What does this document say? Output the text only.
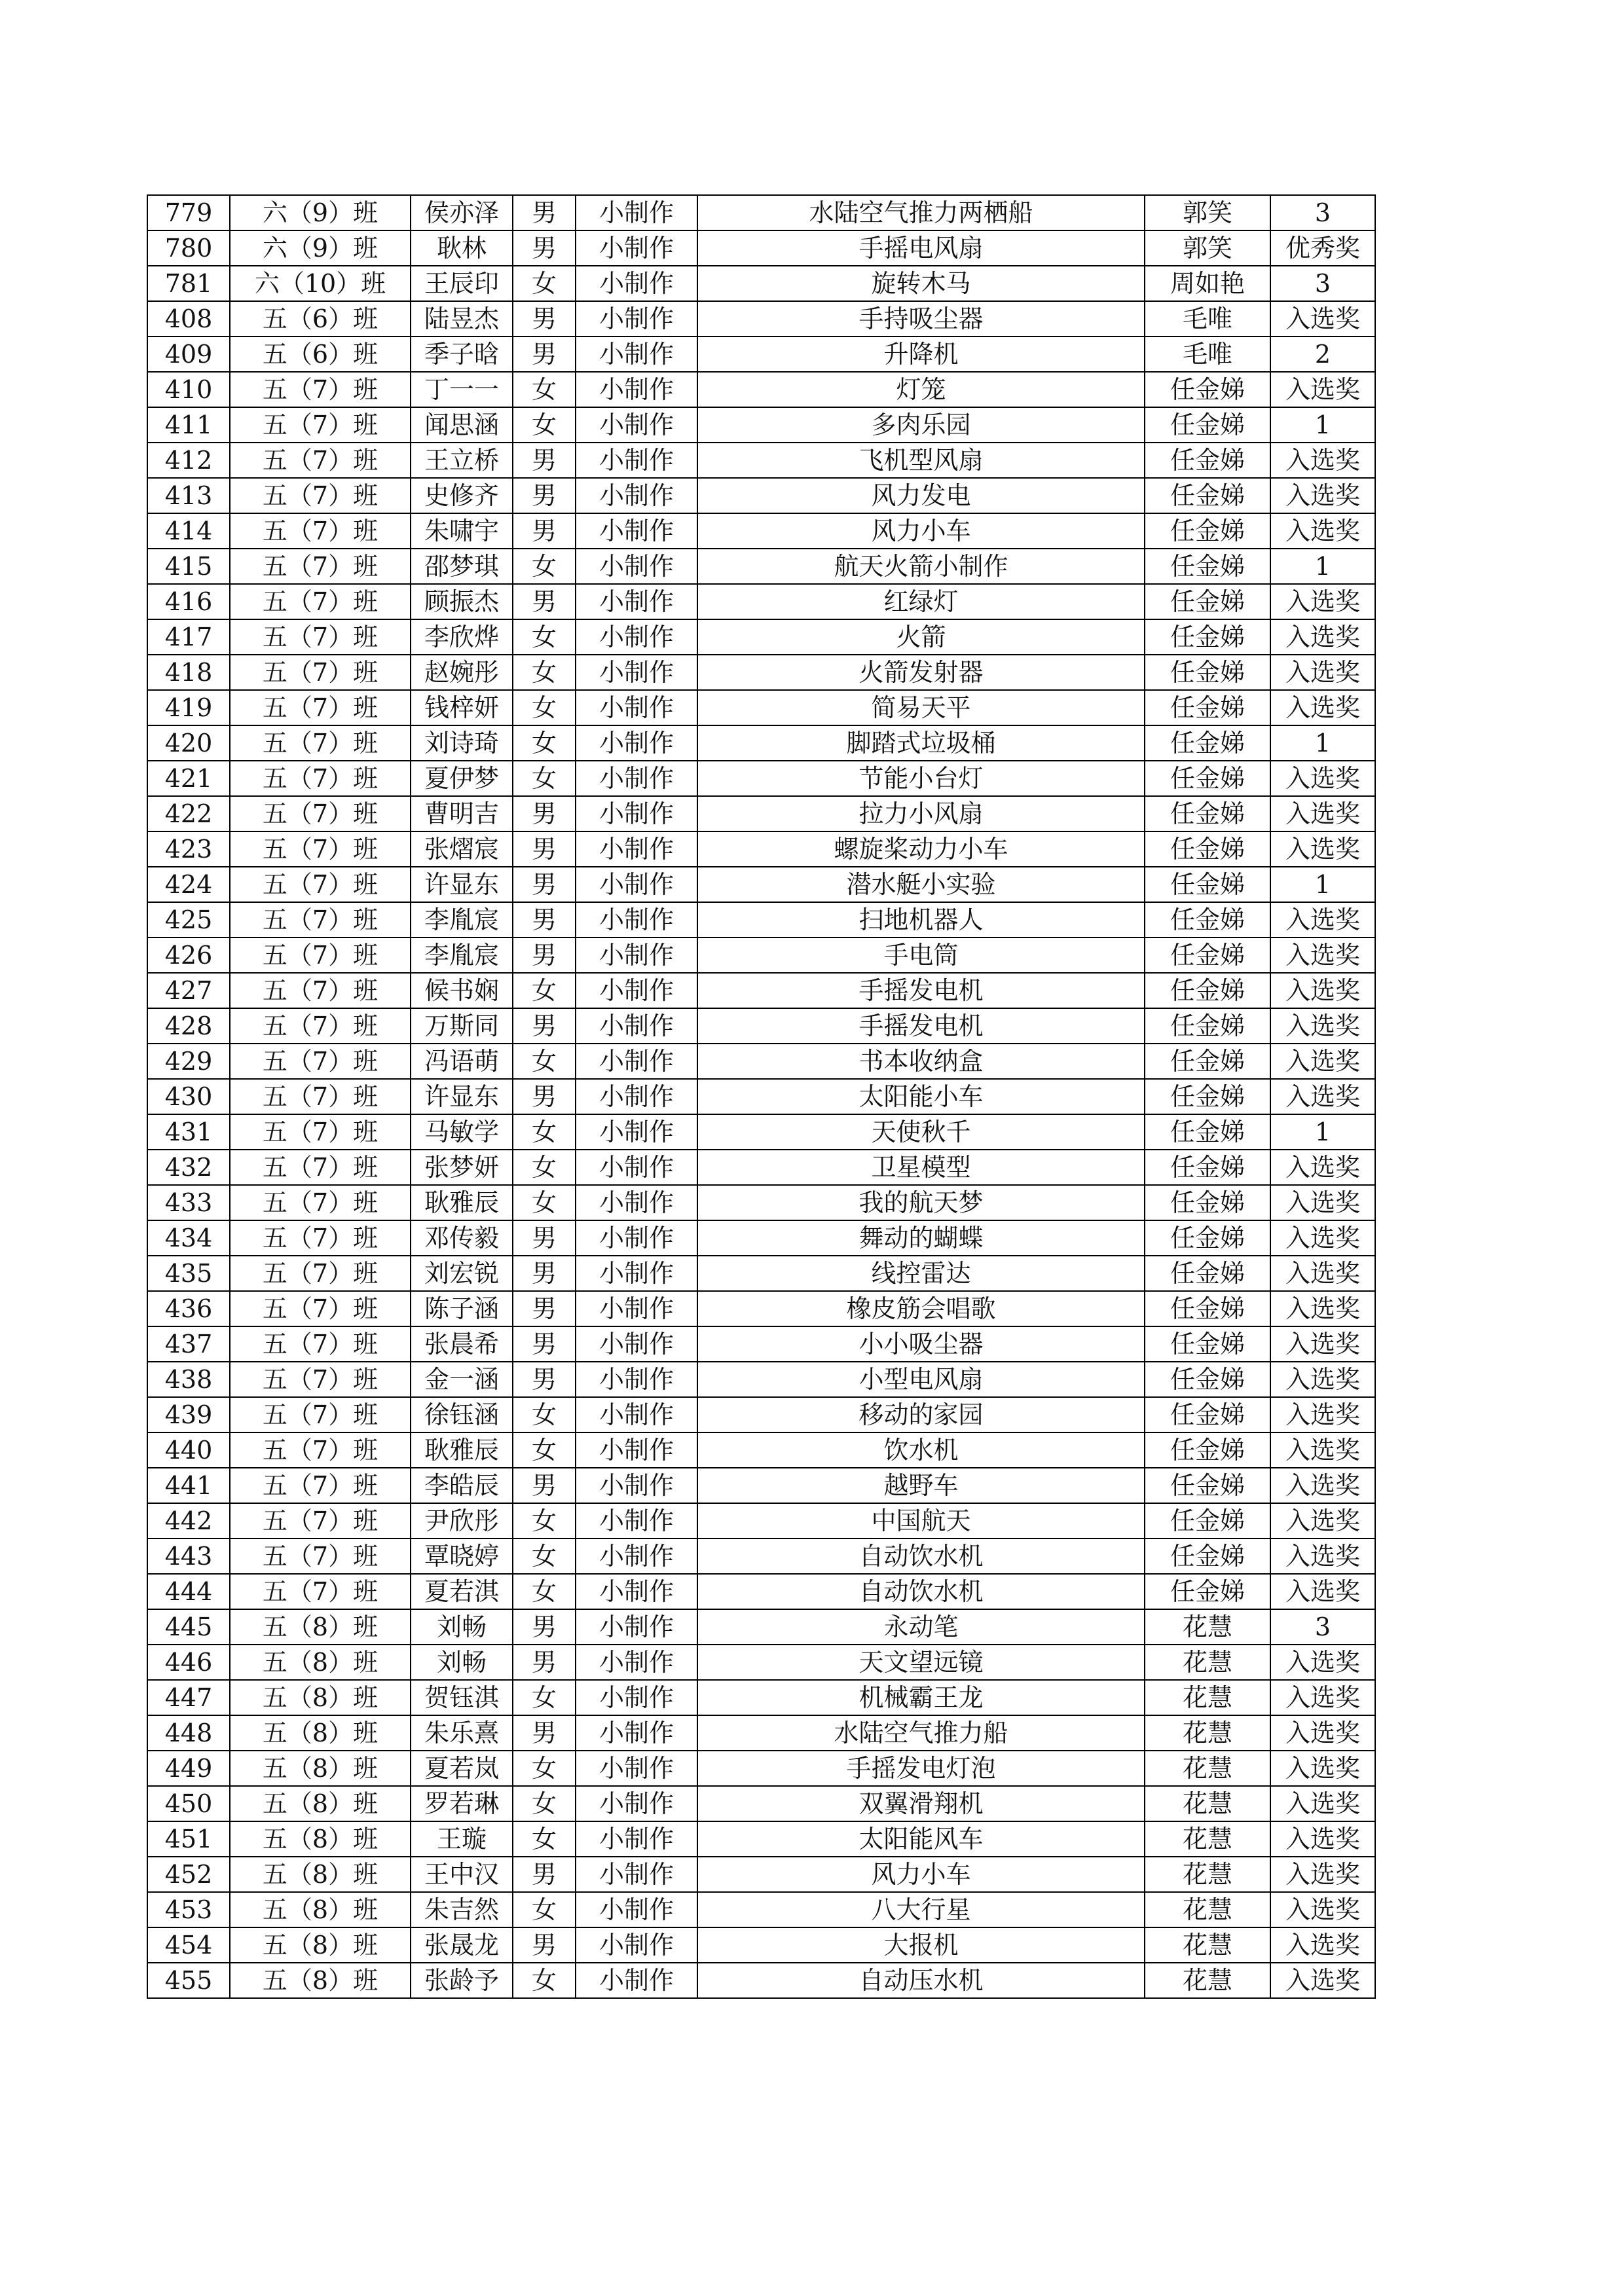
779	六（9）班	侯亦泽	男	小制作	水陆空气推力两栖船	郭笑	3
780	六（9）班	耿林	男	小制作	手摇电风扇	郭笑	优秀奖
781	六（10）班	王辰印	女	小制作	旋转木马	周如艳	3
408	五（6）班	陆昱杰	男	小制作	手持吸尘器	毛唯	入选奖
409	五（6）班	季子晗	男	小制作	升降机	毛唯	2
410	五（7）班	丁一一	女	小制作	灯笼	任金娣	入选奖
411	五（7）班	闻思涵	女	小制作	多肉乐园	任金娣	1
412	五（7）班	王立桥	男	小制作	飞机型风扇	任金娣	入选奖
413	五（7）班	史修齐	男	小制作	风力发电	任金娣	入选奖
414	五（7）班	朱啸宇	男	小制作	风力小车	任金娣	入选奖
415	五（7）班	邵梦琪	女	小制作	航天火箭小制作	任金娣	1
416	五（7）班	顾振杰	男	小制作	红绿灯	任金娣	入选奖
417	五（7）班	李欣烨	女	小制作	火箭	任金娣	入选奖
418	五（7）班	赵婉彤	女	小制作	火箭发射器	任金娣	入选奖
419	五（7）班	钱梓妍	女	小制作	简易天平	任金娣	入选奖
420	五（7）班	刘诗琦	女	小制作	脚踏式垃圾桶	任金娣	1
421	五（7）班	夏伊梦	女	小制作	节能小台灯	任金娣	入选奖
422	五（7）班	曹明吉	男	小制作	拉力小风扇	任金娣	入选奖
423	五（7）班	张熠宸	男	小制作	螺旋桨动力小车	任金娣	入选奖
424	五（7）班	许显东	男	小制作	潜水艇小实验	任金娣	1
425	五（7）班	李胤宸	男	小制作	扫地机器人	任金娣	入选奖
426	五（7）班	李胤宸	男	小制作	手电筒	任金娣	入选奖
427	五（7）班	候书娴	女	小制作	手摇发电机	任金娣	入选奖
428	五（7）班	万斯同	男	小制作	手摇发电机	任金娣	入选奖
429	五（7）班	冯语萌	女	小制作	书本收纳盒	任金娣	入选奖
430	五（7）班	许显东	男	小制作	太阳能小车	任金娣	入选奖
431	五（7）班	马敏学	女	小制作	天使秋千	任金娣	1
432	五（7）班	张梦妍	女	小制作	卫星模型	任金娣	入选奖
433	五（7）班	耿雅辰	女	小制作	我的航天梦	任金娣	入选奖
434	五（7）班	邓传毅	男	小制作	舞动的蝴蝶	任金娣	入选奖
435	五（7）班	刘宏锐	男	小制作	线控雷达	任金娣	入选奖
436	五（7）班	陈子涵	男	小制作	橡皮筋会唱歌	任金娣	入选奖
437	五（7）班	张晨希	男	小制作	小小吸尘器	任金娣	入选奖
438	五（7）班	金一涵	男	小制作	小型电风扇	任金娣	入选奖
439	五（7）班	徐钰涵	女	小制作	移动的家园	任金娣	入选奖
440	五（7）班	耿雅辰	女	小制作	饮水机	任金娣	入选奖
441	五（7）班	李皓辰	男	小制作	越野车	任金娣	入选奖
442	五（7）班	尹欣彤	女	小制作	中国航天	任金娣	入选奖
443	五（7）班	覃晓婷	女	小制作	自动饮水机	任金娣	入选奖
444	五（7）班	夏若淇	女	小制作	自动饮水机	任金娣	入选奖
445	五（8）班	刘畅	男	小制作	永动笔	花慧	3
446	五（8）班	刘畅	男	小制作	天文望远镜	花慧	入选奖
447	五（8）班	贺钰淇	女	小制作	机械霸王龙	花慧	入选奖
448	五（8）班	朱乐熹	男	小制作	水陆空气推力船	花慧	入选奖
449	五（8）班	夏若岚	女	小制作	手摇发电灯泡	花慧	入选奖
450	五（8）班	罗若琳	女	小制作	双翼滑翔机	花慧	入选奖
451	五（8）班	王璇	女	小制作	太阳能风车	花慧	入选奖
452	五（8）班	王中汉	男	小制作	风力小车	花慧	入选奖
453	五（8）班	朱吉然	女	小制作	八大行星	花慧	入选奖
454	五（8）班	张晟龙	男	小制作	大报机	花慧	入选奖
455	五（8）班	张龄予	女	小制作	自动压水机	花慧	入选奖
